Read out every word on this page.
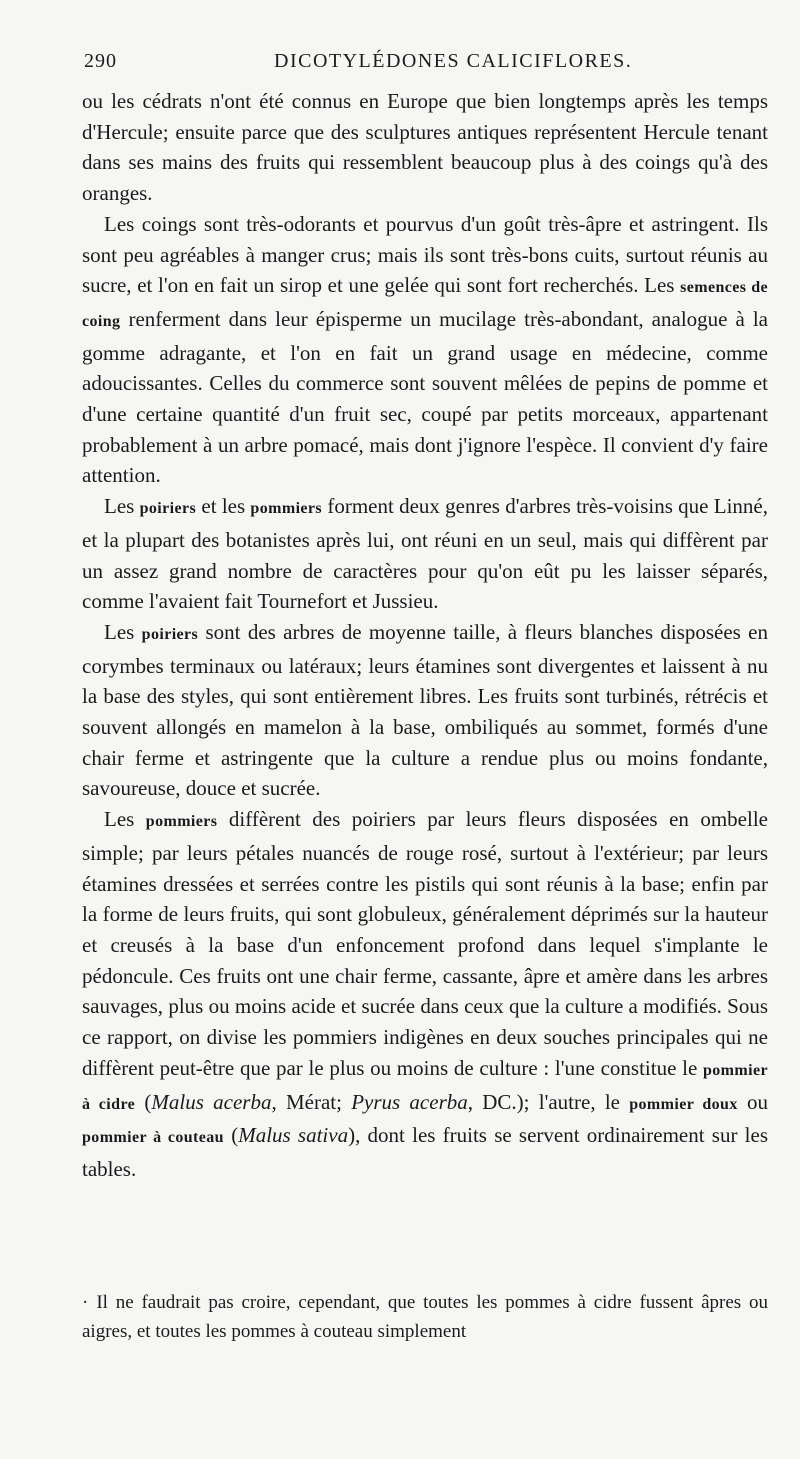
290	DICOTYLÉDONES CALICIFLORES.

ou les cédrats n'ont été connus en Europe que bien longtemps après les temps d'Hercule; ensuite parce que des sculptures antiques représentent Hercule tenant dans ses mains des fruits qui ressemblent beaucoup plus à des coings qu'à des oranges.

Les coings sont très-odorants et pourvus d'un goût très-âpre et astringent. Ils sont peu agréables à manger crus; mais ils sont très-bons cuits, surtout réunis au sucre, et l'on en fait un sirop et une gelée qui sont fort recherchés. Les semences de coing renferment dans leur épisperme un mucilage très-abondant, analogue à la gomme adragante, et l'on en fait un grand usage en médecine, comme adoucissantes. Celles du commerce sont souvent mêlées de pepins de pomme et d'une certaine quantité d'un fruit sec, coupé par petits morceaux, appartenant probablement à un arbre pomacé, mais dont j'ignore l'espèce. Il convient d'y faire attention.

Les poiriers et les pommiers forment deux genres d'arbres très-voisins que Linné, et la plupart des botanistes après lui, ont réuni en un seul, mais qui diffèrent par un assez grand nombre de caractères pour qu'on eût pu les laisser séparés, comme l'avaient fait Tournefort et Jussieu.

Les poiriers sont des arbres de moyenne taille, à fleurs blanches disposées en corymbes terminaux ou latéraux; leurs étamines sont divergentes et laissent à nu la base des styles, qui sont entièrement libres. Les fruits sont turbinés, rétrécis et souvent allongés en mamelon à la base, ombiliqués au sommet, formés d'une chair ferme et astringente que la culture a rendue plus ou moins fondante, savoureuse, douce et sucrée.

Les pommiers diffèrent des poiriers par leurs fleurs disposées en ombelle simple; par leurs pétales nuancés de rouge rosé, surtout à l'extérieur; par leurs étamines dressées et serrées contre les pistils qui sont réunis à la base; enfin par la forme de leurs fruits, qui sont globuleux, généralement déprimés sur la hauteur et creusés à la base d'un enfoncement profond dans lequel s'implante le pédoncule. Ces fruits ont une chair ferme, cassante, âpre et amère dans les arbres sauvages, plus ou moins acide et sucrée dans ceux que la culture a modifiés. Sous ce rapport, on divise les pommiers indigènes en deux souches principales qui ne diffèrent peut-être que par le plus ou moins de culture : l'une constitue le pommier à cidre (Malus acerba, Mérat; Pyrus acerba, DC.); l'autre, le pommier doux ou pommier à couteau (Malus sativa), dont les fruits se servent ordinairement sur les tables.

· Il ne faudrait pas croire, cependant, que toutes les pommes à cidre fussent âpres ou aigres, et toutes les pommes à couteau simplement
